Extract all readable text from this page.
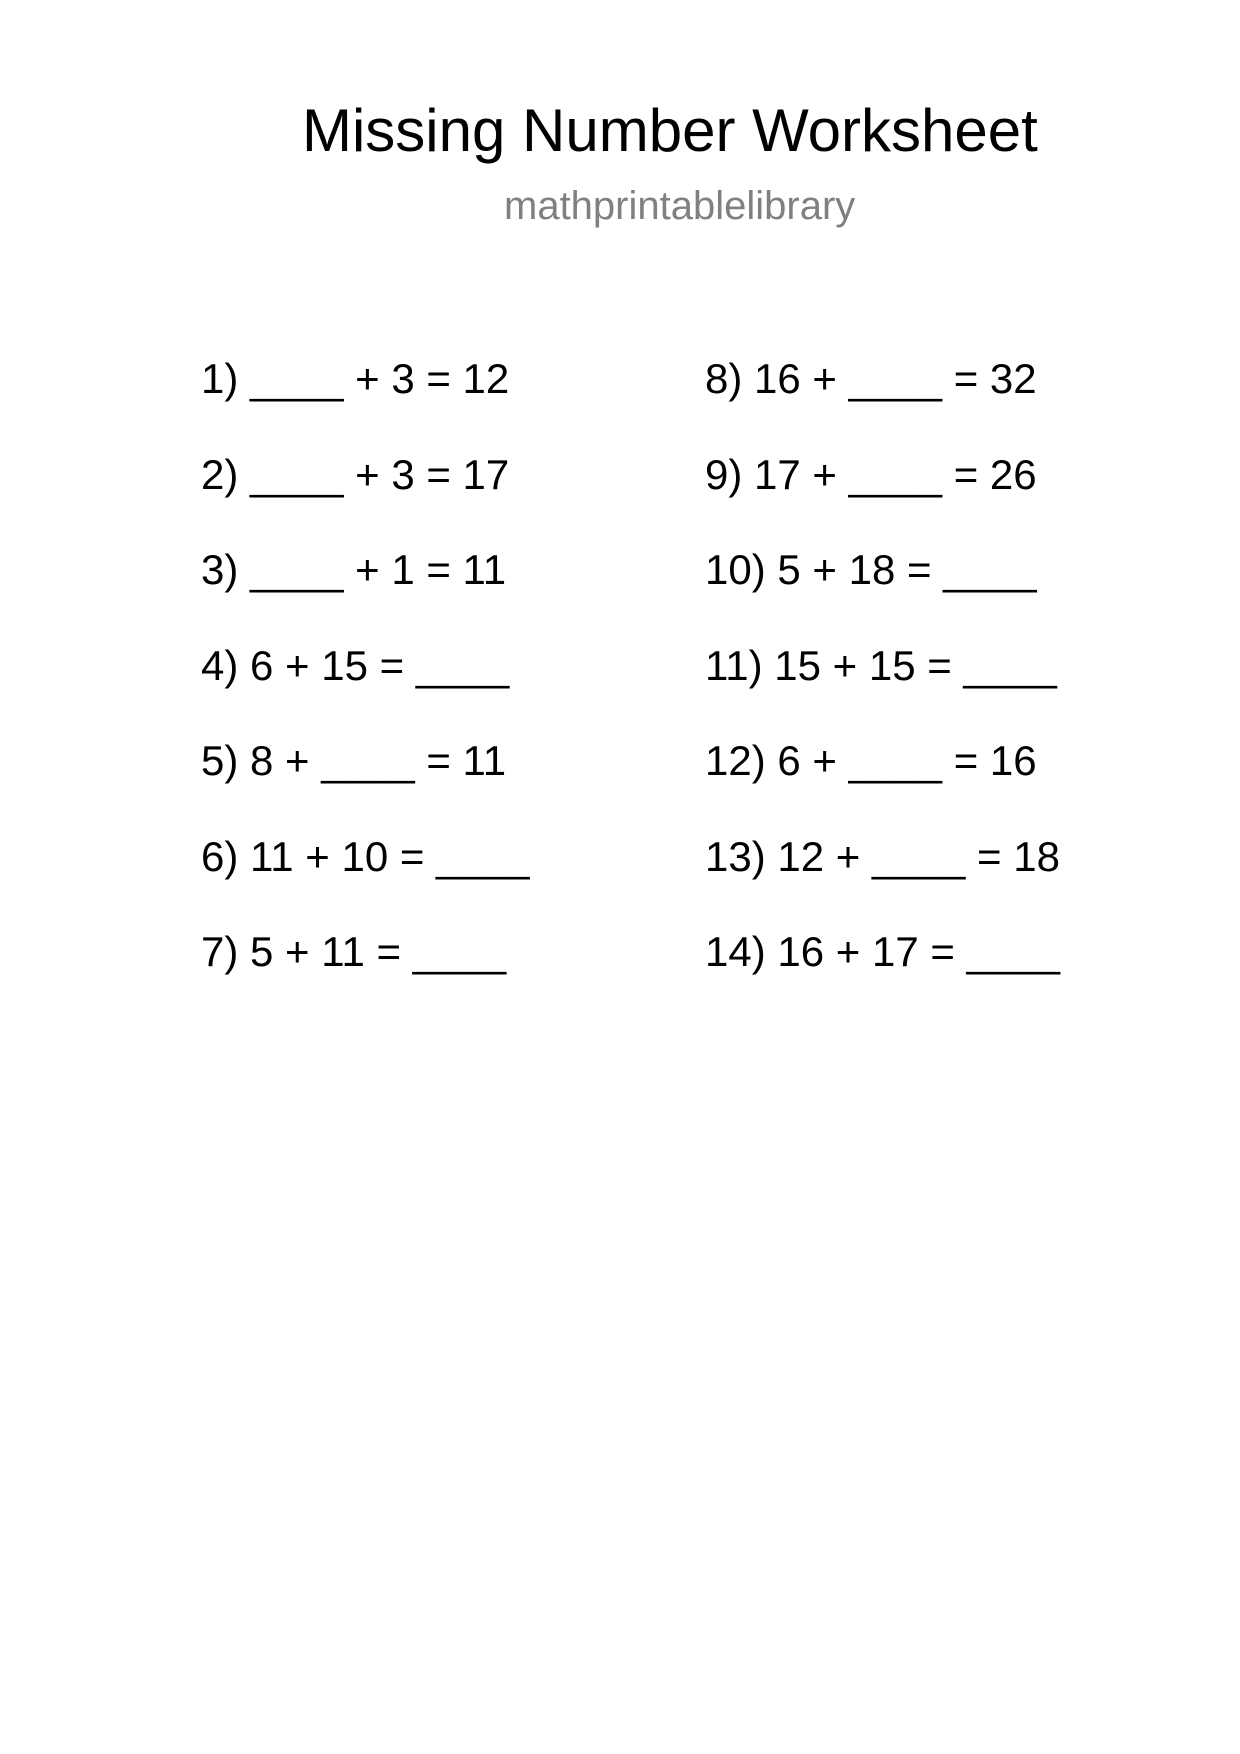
Missing Number Worksheet
mathprintablelibrary
1) ____ + 3 = 12
2) ____ + 3 = 17
3) ____ + 1 = 11
4) 6 + 15 = ____
5) 8 + ____ = 11
6) 11 + 10 = ____
7) 5 + 11 = ____
8) 16 + ____ = 32
9) 17 + ____ = 26
10) 5 + 18 = ____
11) 15 + 15 = ____
12) 6 + ____ = 16
13) 12 + ____ = 18
14) 16 + 17 = ____
